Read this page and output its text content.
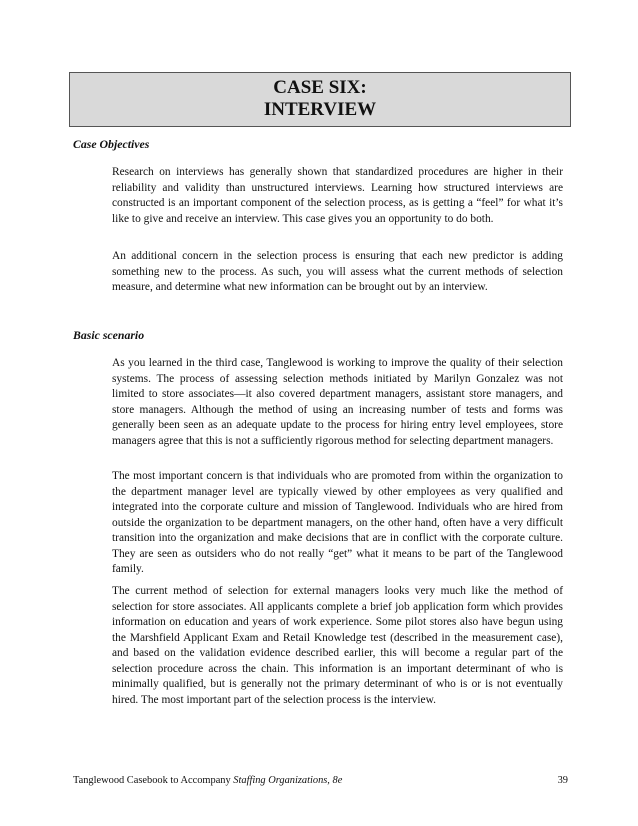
CASE SIX:
INTERVIEW
Case Objectives

Research on interviews has generally shown that standardized procedures are higher in their reliability and validity than unstructured interviews. Learning how structured interviews are constructed is an important component of the selection process, as is getting a “feel” for what it’s like to give and receive an interview. This case gives you an opportunity to do both.

An additional concern in the selection process is ensuring that each new predictor is adding something new to the process. As such, you will assess what the current methods of selection measure, and determine what new information can be brought out by an interview.

Basic scenario

As you learned in the third case, Tanglewood is working to improve the quality of their selection systems. The process of assessing selection methods initiated by Marilyn Gonzalez was not limited to store associates—it also covered department managers, assistant store managers, and store managers. Although the method of using an increasing number of tests and forms was generally been seen as an adequate update to the process for hiring entry level employees, store managers agree that this is not a sufficiently rigorous method for selecting department managers.

The most important concern is that individuals who are promoted from within the organization to the department manager level are typically viewed by other employees as very qualified and integrated into the corporate culture and mission of Tanglewood. Individuals who are hired from outside the organization to be department managers, on the other hand, often have a very difficult transition into the organization and make decisions that are in conflict with the corporate culture. They are seen as outsiders who do not really “get” what it means to be part of the Tanglewood family.

The current method of selection for external managers looks very much like the method of selection for store associates. All applicants complete a brief job application form which provides information on education and years of work experience. Some pilot stores also have begun using the Marshfield Applicant Exam and Retail Knowledge test (described in the measurement case), and based on the validation evidence described earlier, this will become a regular part of the selection procedure across the chain. This information is an important determinant of who is minimally qualified, but is generally not the primary determinant of who is or is not eventually hired. The most important part of the selection process is the interview.

Tanglewood Casebook to Accompany Staffing Organizations, 8e	39
